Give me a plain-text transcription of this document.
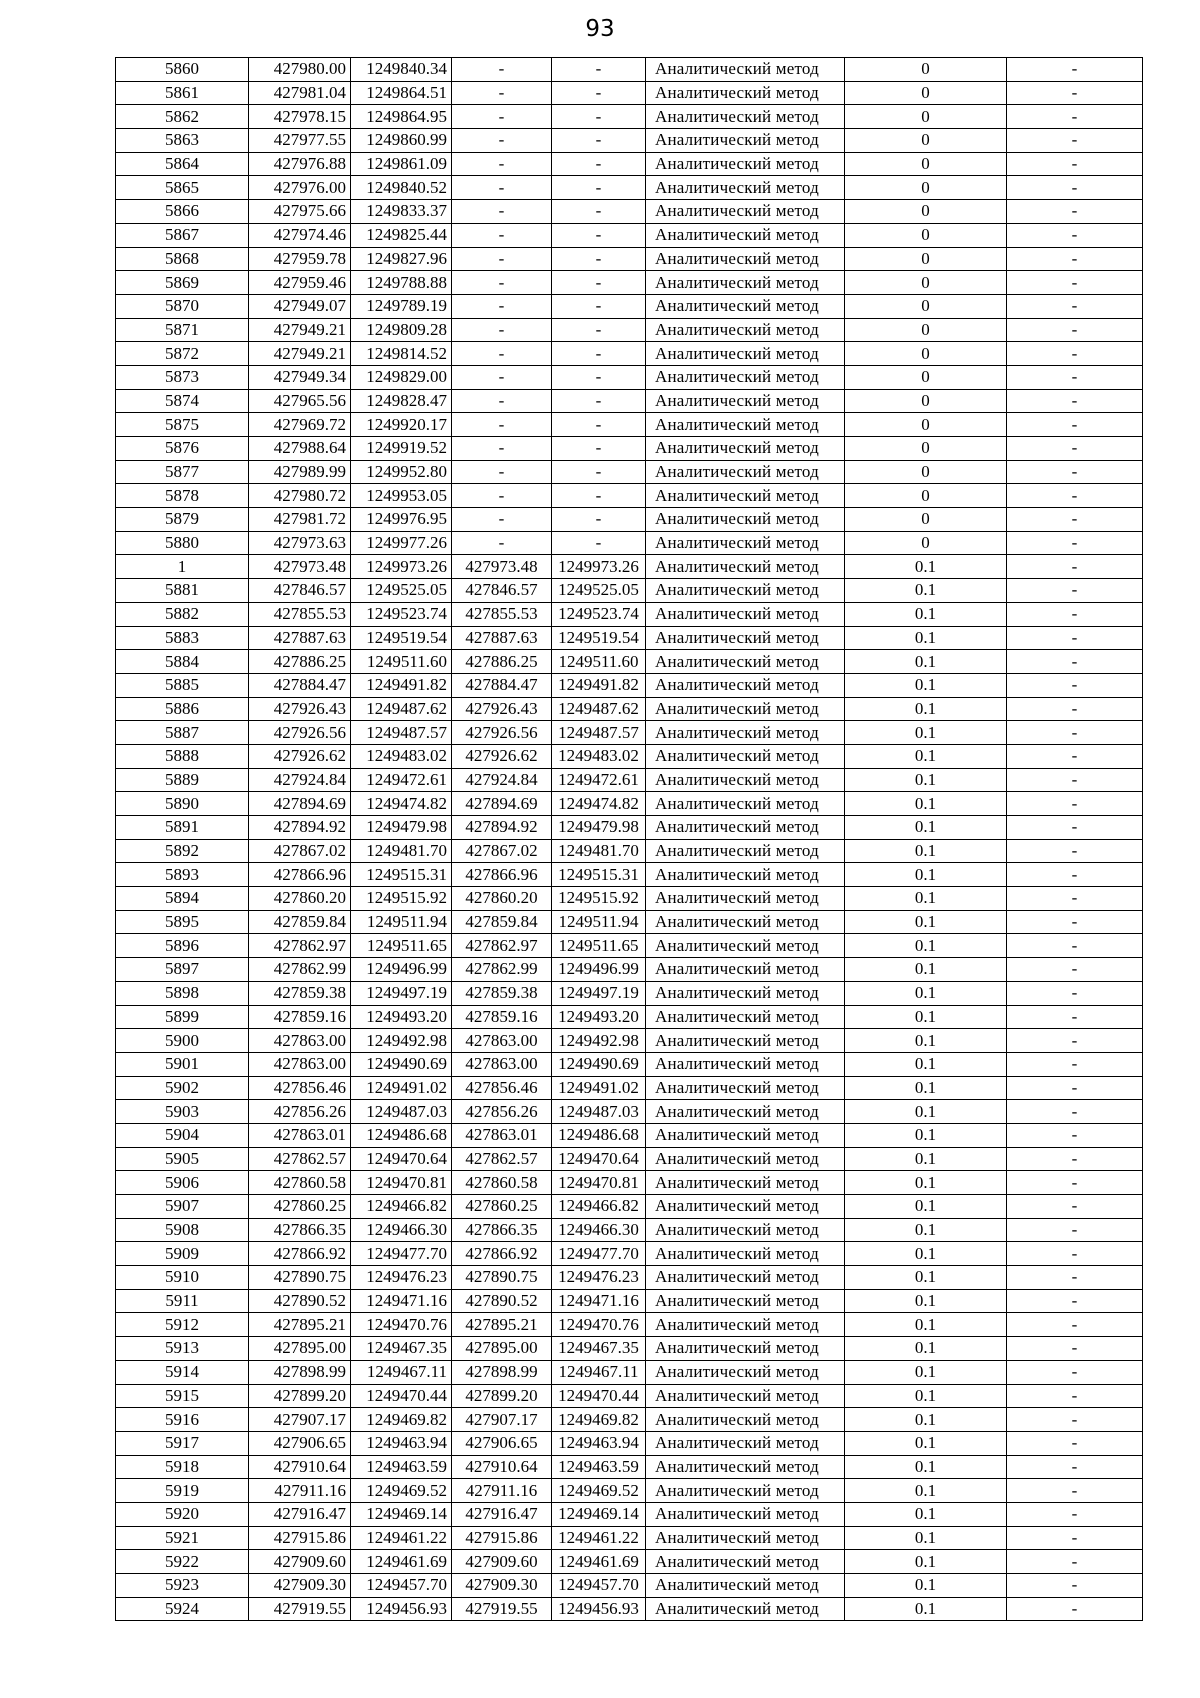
93
5860	427980.00	1249840.34	-	-	Аналитический метод	0	-
5861	427981.04	1249864.51	-	-	Аналитический метод	0	-
5862	427978.15	1249864.95	-	-	Аналитический метод	0	-
5863	427977.55	1249860.99	-	-	Аналитический метод	0	-
5864	427976.88	1249861.09	-	-	Аналитический метод	0	-
5865	427976.00	1249840.52	-	-	Аналитический метод	0	-
5866	427975.66	1249833.37	-	-	Аналитический метод	0	-
5867	427974.46	1249825.44	-	-	Аналитический метод	0	-
5868	427959.78	1249827.96	-	-	Аналитический метод	0	-
5869	427959.46	1249788.88	-	-	Аналитический метод	0	-
5870	427949.07	1249789.19	-	-	Аналитический метод	0	-
5871	427949.21	1249809.28	-	-	Аналитический метод	0	-
5872	427949.21	1249814.52	-	-	Аналитический метод	0	-
5873	427949.34	1249829.00	-	-	Аналитический метод	0	-
5874	427965.56	1249828.47	-	-	Аналитический метод	0	-
5875	427969.72	1249920.17	-	-	Аналитический метод	0	-
5876	427988.64	1249919.52	-	-	Аналитический метод	0	-
5877	427989.99	1249952.80	-	-	Аналитический метод	0	-
5878	427980.72	1249953.05	-	-	Аналитический метод	0	-
5879	427981.72	1249976.95	-	-	Аналитический метод	0	-
5880	427973.63	1249977.26	-	-	Аналитический метод	0	-
1	427973.48	1249973.26	427973.48	1249973.26	Аналитический метод	0.1	-
5881	427846.57	1249525.05	427846.57	1249525.05	Аналитический метод	0.1	-
5882	427855.53	1249523.74	427855.53	1249523.74	Аналитический метод	0.1	-
5883	427887.63	1249519.54	427887.63	1249519.54	Аналитический метод	0.1	-
5884	427886.25	1249511.60	427886.25	1249511.60	Аналитический метод	0.1	-
5885	427884.47	1249491.82	427884.47	1249491.82	Аналитический метод	0.1	-
5886	427926.43	1249487.62	427926.43	1249487.62	Аналитический метод	0.1	-
5887	427926.56	1249487.57	427926.56	1249487.57	Аналитический метод	0.1	-
5888	427926.62	1249483.02	427926.62	1249483.02	Аналитический метод	0.1	-
5889	427924.84	1249472.61	427924.84	1249472.61	Аналитический метод	0.1	-
5890	427894.69	1249474.82	427894.69	1249474.82	Аналитический метод	0.1	-
5891	427894.92	1249479.98	427894.92	1249479.98	Аналитический метод	0.1	-
5892	427867.02	1249481.70	427867.02	1249481.70	Аналитический метод	0.1	-
5893	427866.96	1249515.31	427866.96	1249515.31	Аналитический метод	0.1	-
5894	427860.20	1249515.92	427860.20	1249515.92	Аналитический метод	0.1	-
5895	427859.84	1249511.94	427859.84	1249511.94	Аналитический метод	0.1	-
5896	427862.97	1249511.65	427862.97	1249511.65	Аналитический метод	0.1	-
5897	427862.99	1249496.99	427862.99	1249496.99	Аналитический метод	0.1	-
5898	427859.38	1249497.19	427859.38	1249497.19	Аналитический метод	0.1	-
5899	427859.16	1249493.20	427859.16	1249493.20	Аналитический метод	0.1	-
5900	427863.00	1249492.98	427863.00	1249492.98	Аналитический метод	0.1	-
5901	427863.00	1249490.69	427863.00	1249490.69	Аналитический метод	0.1	-
5902	427856.46	1249491.02	427856.46	1249491.02	Аналитический метод	0.1	-
5903	427856.26	1249487.03	427856.26	1249487.03	Аналитический метод	0.1	-
5904	427863.01	1249486.68	427863.01	1249486.68	Аналитический метод	0.1	-
5905	427862.57	1249470.64	427862.57	1249470.64	Аналитический метод	0.1	-
5906	427860.58	1249470.81	427860.58	1249470.81	Аналитический метод	0.1	-
5907	427860.25	1249466.82	427860.25	1249466.82	Аналитический метод	0.1	-
5908	427866.35	1249466.30	427866.35	1249466.30	Аналитический метод	0.1	-
5909	427866.92	1249477.70	427866.92	1249477.70	Аналитический метод	0.1	-
5910	427890.75	1249476.23	427890.75	1249476.23	Аналитический метод	0.1	-
5911	427890.52	1249471.16	427890.52	1249471.16	Аналитический метод	0.1	-
5912	427895.21	1249470.76	427895.21	1249470.76	Аналитический метод	0.1	-
5913	427895.00	1249467.35	427895.00	1249467.35	Аналитический метод	0.1	-
5914	427898.99	1249467.11	427898.99	1249467.11	Аналитический метод	0.1	-
5915	427899.20	1249470.44	427899.20	1249470.44	Аналитический метод	0.1	-
5916	427907.17	1249469.82	427907.17	1249469.82	Аналитический метод	0.1	-
5917	427906.65	1249463.94	427906.65	1249463.94	Аналитический метод	0.1	-
5918	427910.64	1249463.59	427910.64	1249463.59	Аналитический метод	0.1	-
5919	427911.16	1249469.52	427911.16	1249469.52	Аналитический метод	0.1	-
5920	427916.47	1249469.14	427916.47	1249469.14	Аналитический метод	0.1	-
5921	427915.86	1249461.22	427915.86	1249461.22	Аналитический метод	0.1	-
5922	427909.60	1249461.69	427909.60	1249461.69	Аналитический метод	0.1	-
5923	427909.30	1249457.70	427909.30	1249457.70	Аналитический метод	0.1	-
5924	427919.55	1249456.93	427919.55	1249456.93	Аналитический метод	0.1	-
